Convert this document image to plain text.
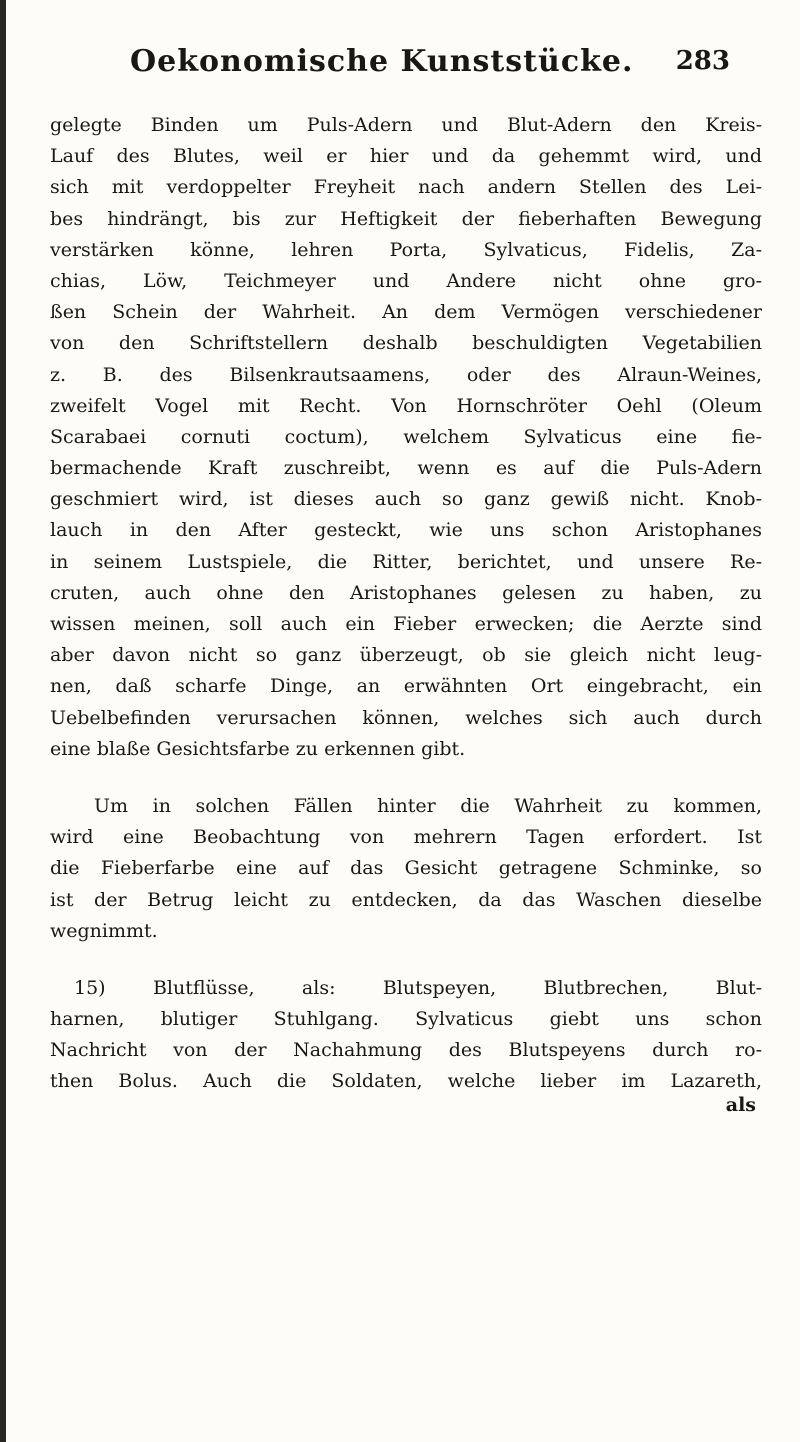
Oekonomische Kunststücke. 283
gelegte Binden um Puls-Adern und Blut-Adern den Kreis-
Lauf des Blutes, weil er hier und da gehemmt wird, und
sich mit verdoppelter Freyheit nach andern Stellen des Lei-
bes hindrängt, bis zur Heftigkeit der fieberhaften Bewegung
verstärken könne, lehren Porta, Sylvaticus, Fidelis, Za-
chias, Löw, Teichmeyer und Andere nicht ohne gro-
ßen Schein der Wahrheit. An dem Vermögen verschiedener
von den Schriftstellern deshalb beschuldigten Vegetabilien
z. B. des Bilsenkrautsaamens, oder des Alraun-Weines,
zweifelt Vogel mit Recht. Von Hornschröter Oehl (Oleum
Scarabaei cornuti coctum), welchem Sylvaticus eine fie-
bermachende Kraft zuschreibt, wenn es auf die Puls-Adern
geschmiert wird, ist dieses auch so ganz gewiß nicht. Knob-
lauch in den After gesteckt, wie uns schon Aristophanes
in seinem Lustspiele, die Ritter, berichtet, und unsere Re-
cruten, auch ohne den Aristophanes gelesen zu haben, zu
wissen meinen, soll auch ein Fieber erwecken; die Aerzte sind
aber davon nicht so ganz überzeugt, ob sie gleich nicht leug-
nen, daß scharfe Dinge, an erwähnten Ort eingebracht, ein
Uebelbefinden verursachen können, welches sich auch durch
eine blaße Gesichtsfarbe zu erkennen gibt.
Um in solchen Fällen hinter die Wahrheit zu kommen,
wird eine Beobachtung von mehrern Tagen erfordert. Ist
die Fieberfarbe eine auf das Gesicht getragene Schminke, so
ist der Betrug leicht zu entdecken, da das Waschen dieselbe
wegnimmt.
15) Blutflüsse, als: Blutspeyen, Blutbrechen, Blut-
harnen, blutiger Stuhlgang. Sylvaticus giebt uns schon
Nachricht von der Nachahmung des Blutspeyens durch ro-
then Bolus. Auch die Soldaten, welche lieber im Lazareth,
als
